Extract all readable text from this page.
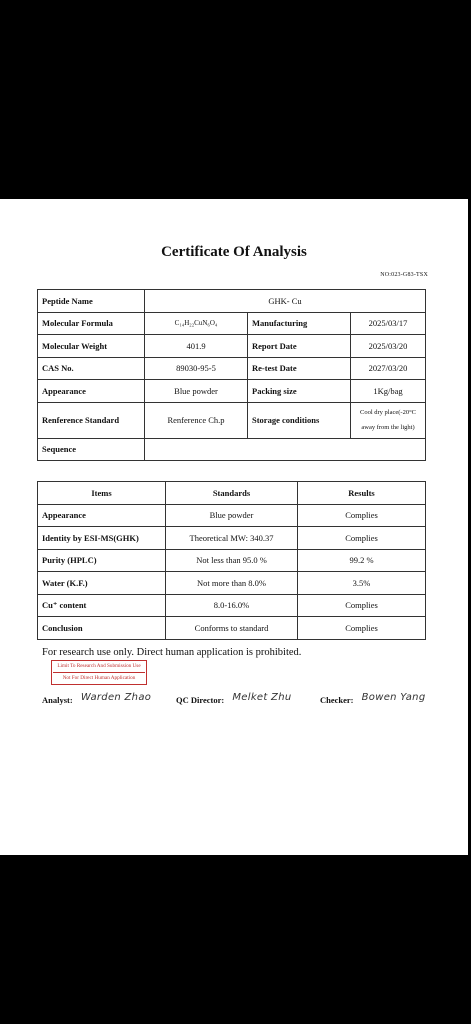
Certificate Of Analysis
NO:023-G83-TSX
Peptide Name	GHK- Cu		
Molecular Formula	C₁₄H₂₂CuN₆O₄	Manufacturing	2025/03/17
Molecular Weight	401.9	Report Date	2025/03/20
CAS No.	89030-95-5	Re-test Date	2027/03/20
Appearance	Blue powder	Packing size	1Kg/bag
Renference Standard	Renference Ch.p	Storage conditions	Cool dry place(-20°C
away from the light)

Sequence			
Items	Standards	Results
Appearance	Blue powder	Complies
Identity by ESI-MS(GHK)	Theoretical MW: 340.37	Complies
Purity (HPLC)	Not less than 95.0 %	99.2 %
Water (K.F.)	Not more than 8.0%	3.5%
Cu⁺ content	8.0-16.0%	Complies
Conclusion	Conforms to standard	Complies
For research use only. Direct human application is prohibited.
Limit To Research And Submission Use
Not For Direct Human Application
Analyst: Warden Zhao	QC Director: Melket Zhu	Checker: Bowen Yang
